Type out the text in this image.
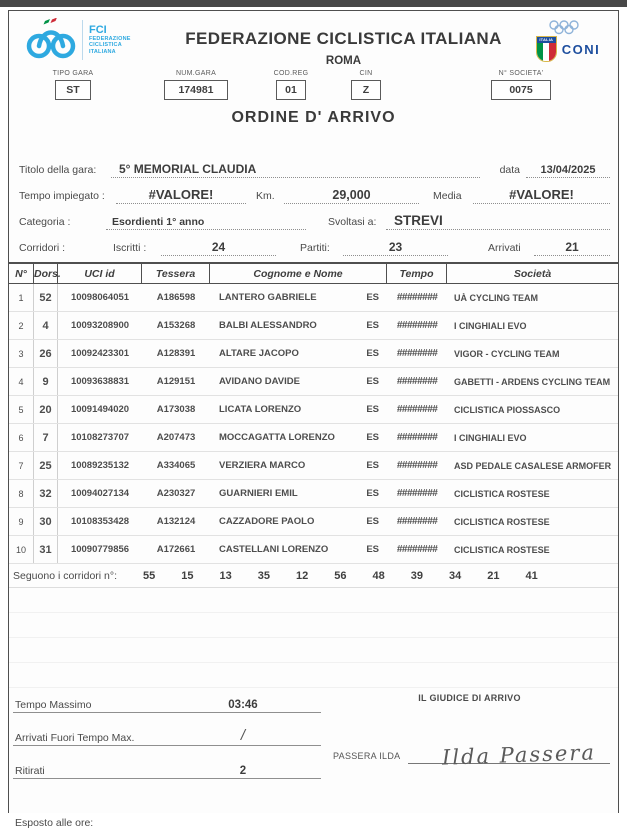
FCI
FEDERAZIONE
CICLISTICA
ITALIANA
FEDERAZIONE CICLISTICA ITALIANA
ROMA
ITALIA
CONI
TIPO GARA
ST
NUM.GARA
174981
COD.REG
01
CIN
Z
N° SOCIETA'
0075
ORDINE D' ARRIVO
Titolo della gara:	5° MEMORIAL CLAUDIA	data	13/04/2025
Tempo impiegato :	#VALORE!	Km.	29,000	Media	#VALORE!
Categoria :	Esordienti 1° anno	Svoltasi a:	STREVI
Corridori :	Iscritti :	24	Partiti:	23	Arrivati	21
N° Dors.	UCI id	Tessera	Cognome e Nome	Tempo	Società
1	52	10098064051	A186598	LANTERO GABRIELE	ES	########	UÀ CYCLING TEAM
2	4	10093208900	A153268	BALBI ALESSANDRO	ES	########	I CINGHIALI EVO
3	26	10092423301	A128391	ALTARE JACOPO	ES	########	VIGOR - CYCLING TEAM
4	9	10093638831	A129151	AVIDANO DAVIDE	ES	########	GABETTI - ARDENS CYCLING TEAM
5	20	10091494020	A173038	LICATA LORENZO	ES	########	CICLISTICA PIOSSASCO
6	7	10108273707	A207473	MOCCAGATTA LORENZO	ES	########	I CINGHIALI EVO
7	25	10089235132	A334065	VERZIERA MARCO	ES	########	ASD PEDALE CASALESE ARMOFER
8	32	10094027134	A230327	GUARNIERI EMIL	ES	########	CICLISTICA ROSTESE
9	30	10108353428	A132124	CAZZADORE PAOLO	ES	########	CICLISTICA ROSTESE
10	31	10090779856	A172661	CASTELLANI LORENZO	ES	########	CICLISTICA ROSTESE
Seguono i corridori n°: 55 15 13 35 12 56 48 39 34 21 41
Tempo Massimo	03:46
Arrivati Fuori Tempo Max.	/
Ritirati	2
IL GIUDICE DI ARRIVO
PASSERA ILDA Ilda Passera
Esposto alle ore:
